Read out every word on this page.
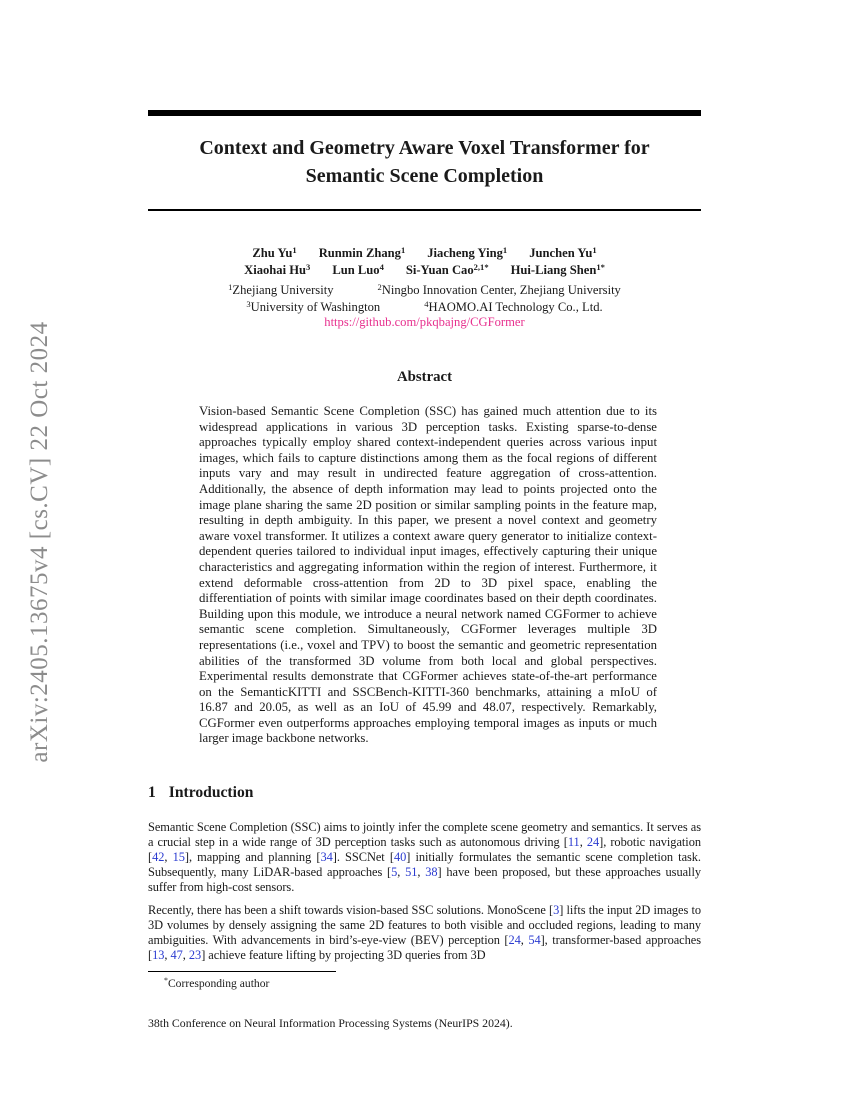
arXiv:2405.13675v4 [cs.CV] 22 Oct 2024
Context and Geometry Aware Voxel Transformer for
Semantic Scene Completion
Zhu Yu$^1$ Runmin Zhang$^1$ Jiacheng Ying$^1$ Junchen Yu$^1$
Xiaohai Hu$^3$ Lun Luo$^4$ Si-Yuan Cao$^{2,1*}$ Hui-Liang Shen$^{1*}$
$^1$Zhejiang University	$^2$Ningbo Innovation Center, Zhejiang University
$^3$University of Washington	$^4$HAOMO.AI Technology Co., Ltd.
https://github.com/pkqbajng/CGFormer
Abstract
Vision-based Semantic Scene Completion (SSC) has gained much attention due to its widespread applications in various 3D perception tasks. Existing sparse-to-dense approaches typically employ shared context-independent queries across various input images, which fails to capture distinctions among them as the focal regions of different inputs vary and may result in undirected feature aggregation of cross-attention. Additionally, the absence of depth information may lead to points projected onto the image plane sharing the same 2D position or similar sampling points in the feature map, resulting in depth ambiguity. In this paper, we present a novel context and geometry aware voxel transformer. It utilizes a context aware query generator to initialize context-dependent queries tailored to individual input images, effectively capturing their unique characteristics and aggregating information within the region of interest. Furthermore, it extend deformable cross-attention from 2D to 3D pixel space, enabling the differentiation of points with similar image coordinates based on their depth coordinates. Building upon this module, we introduce a neural network named CGFormer to achieve semantic scene completion. Simultaneously, CGFormer leverages multiple 3D representations (i.e., voxel and TPV) to boost the semantic and geometric representation abilities of the transformed 3D volume from both local and global perspectives. Experimental results demonstrate that CGFormer achieves state-of-the-art performance on the SemanticKITTI and SSCBench-KITTI-360 benchmarks, attaining a mIoU of 16.87 and 20.05, as well as an IoU of 45.99 and 48.07, respectively. Remarkably, CGFormer even outperforms approaches employing temporal images as inputs or much larger image backbone networks.
1 Introduction
Semantic Scene Completion (SSC) aims to jointly infer the complete scene geometry and semantics. It serves as a crucial step in a wide range of 3D perception tasks such as autonomous driving [11, 24], robotic navigation [42, 15], mapping and planning [34]. SSCNet [40] initially formulates the semantic scene completion task. Subsequently, many LiDAR-based approaches [5, 51, 38] have been proposed, but these approaches usually suffer from high-cost sensors.
Recently, there has been a shift towards vision-based SSC solutions. MonoScene [3] lifts the input 2D images to 3D volumes by densely assigning the same 2D features to both visible and occluded regions, leading to many ambiguities. With advancements in bird’s-eye-view (BEV) perception [24, 54], transformer-based approaches [13, 47, 23] achieve feature lifting by projecting 3D queries from 3D
*Corresponding author
38th Conference on Neural Information Processing Systems (NeurIPS 2024).
